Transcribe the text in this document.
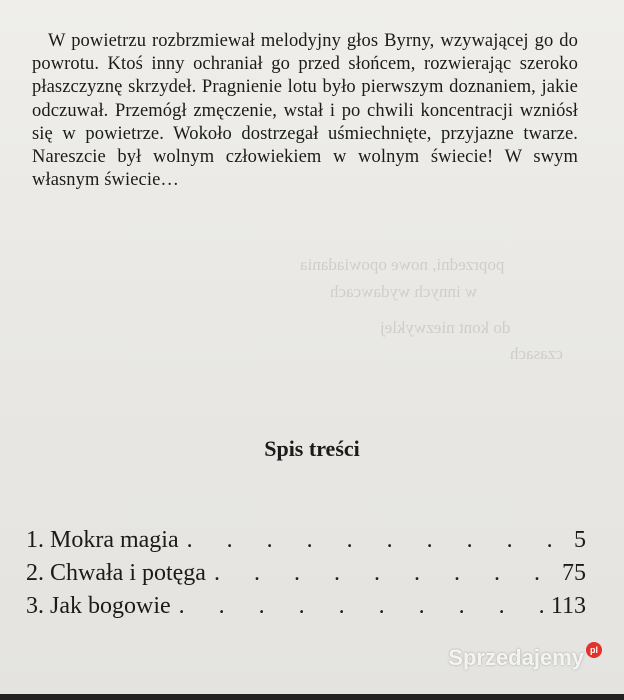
poprzedni, nowe opowiadania
w innych wydawcach
do kont niezwyklej
czasach
W powietrzu rozbrzmiewał melodyjny głos Byrny, wzywającej go do powrotu. Ktoś inny ochraniał go przed słońcem, rozwierając szeroko płaszczyznę skrzydeł. Pragnienie lotu było pierwszym doznaniem, jakie odczuwał. Przemógł zmęczenie, wstał i po chwili koncentracji wzniósł się w powietrze. Wokoło dostrzegał uśmiechnięte, przyjazne twarze. Nareszcie był wolnym człowiekiem w wolnym świecie! W swym własnym świecie…
Spis treści
1. Mokra magia . . .	5
2. Chwała i potęga . . .	75
3. Jak bogowie . . .	113
Sprzedajemy pl
